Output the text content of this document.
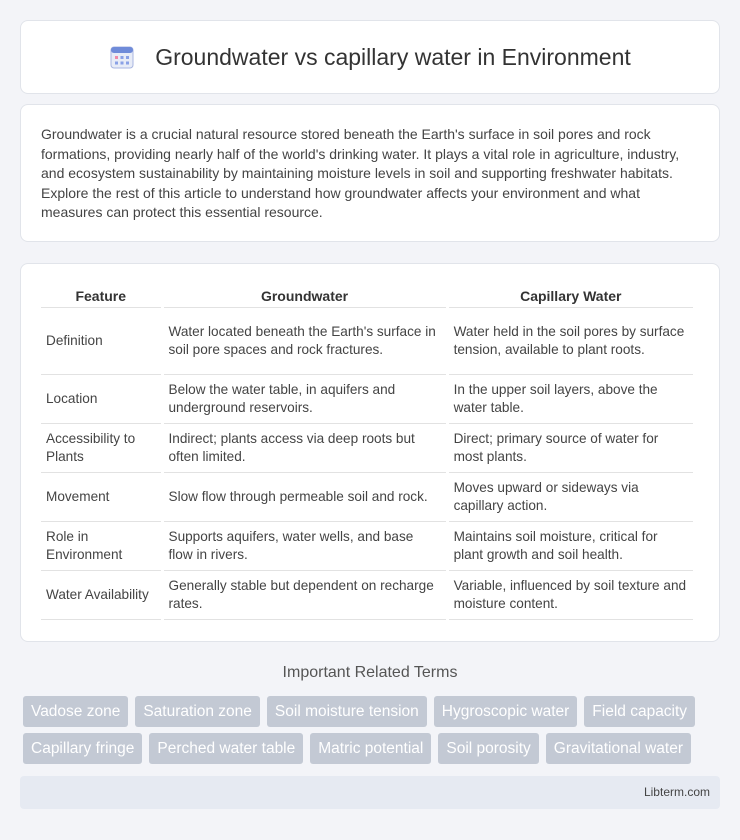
Groundwater vs capillary water in Environment

Groundwater is a crucial natural resource stored beneath the Earth's surface in soil pores and rock formations, providing nearly half of the world's drinking water. It plays a vital role in agriculture, industry, and ecosystem sustainability by maintaining moisture levels in soil and supporting freshwater habitats. Explore the rest of this article to understand how groundwater affects your environment and what measures can protect this essential resource.

Feature	Groundwater	Capillary Water
Definition	Water located beneath the Earth's surface in soil pore spaces and rock fractures.	Water held in the soil pores by surface tension, available to plant roots.
Location	Below the water table, in aquifers and underground reservoirs.	In the upper soil layers, above the water table.
Accessibility to Plants	Indirect; plants access via deep roots but often limited.	Direct; primary source of water for most plants.
Movement	Slow flow through permeable soil and rock.	Moves upward or sideways via capillary action.
Role in Environment	Supports aquifers, water wells, and base flow in rivers.	Maintains soil moisture, critical for plant growth and soil health.
Water Availability	Generally stable but dependent on recharge rates.	Variable, influenced by soil texture and moisture content.
Important Related Terms
Vadose zone	Saturation zone	Soil moisture tension	Hygroscopic water	Field capacity
Capillary fringe	Perched water table	Matric potential	Soil porosity	Gravitational water
Libterm.com
